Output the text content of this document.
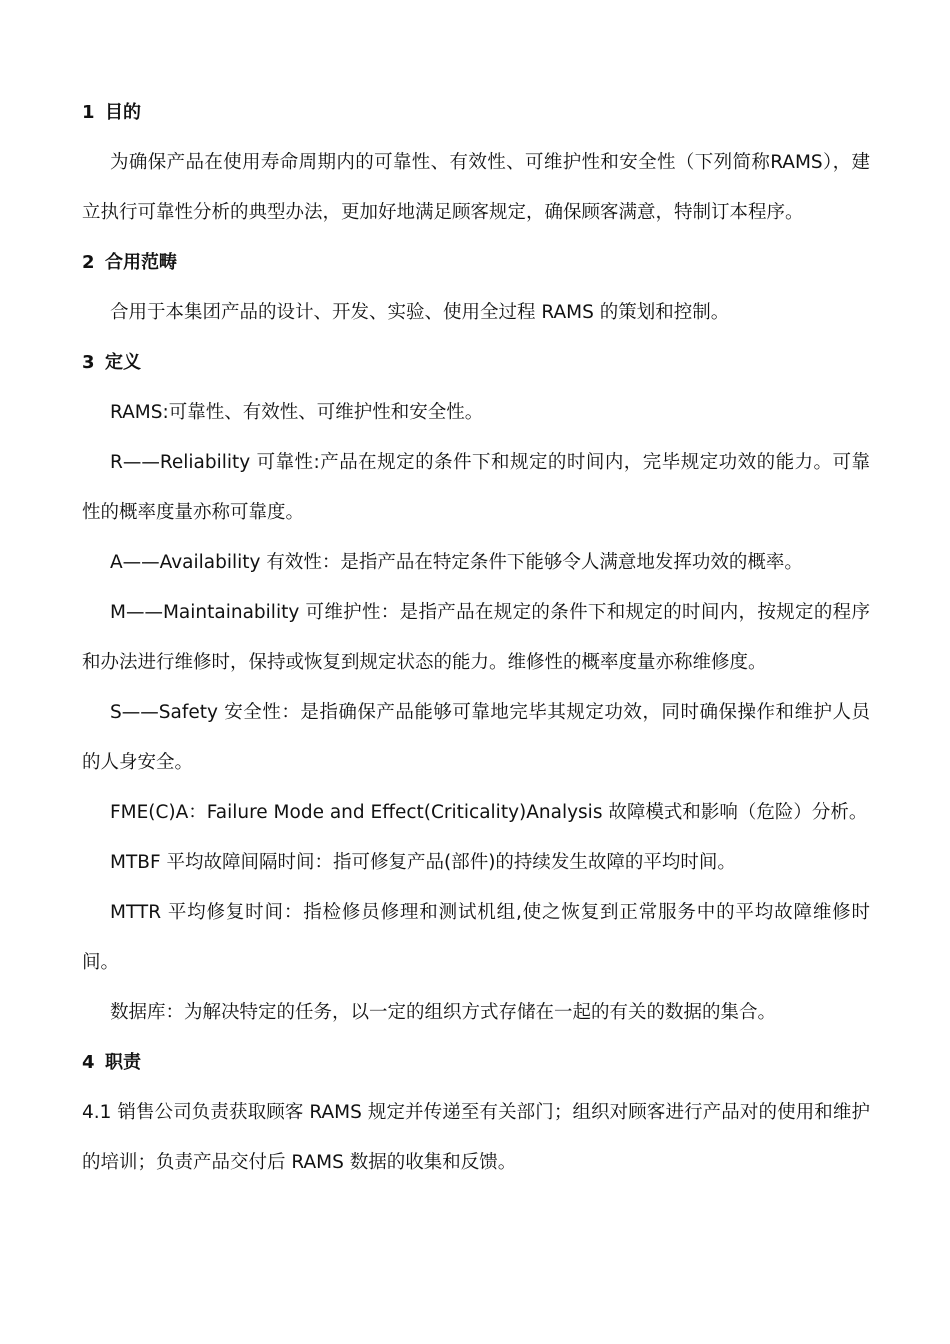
1 目的

为确保产品在使用寿命周期内的可靠性、有效性、可维护性和安全性（下列简称RAMS），建立执行可靠性分析的典型办法，更加好地满足顾客规定，确保顾客满意，特制订本程序。

2 合用范畴

合用于本集团产品的设计、开发、实验、使用全过程 RAMS 的策划和控制。

3 定义

RAMS:可靠性、有效性、可维护性和安全性。

R——Reliability 可靠性:产品在规定的条件下和规定的时间内，完毕规定功效的能力。可靠性的概率度量亦称可靠度。

A——Availability 有效性：是指产品在特定条件下能够令人满意地发挥功效的概率。

M——Maintainability 可维护性：是指产品在规定的条件下和规定的时间内，按规定的程序和办法进行维修时，保持或恢复到规定状态的能力。维修性的概率度量亦称维修度。

S——Safety 安全性：是指确保产品能够可靠地完毕其规定功效，同时确保操作和维护人员的人身安全。

FME(C)A：Failure Mode and Effect(Criticality)Analysis 故障模式和影响（危险）分析。

MTBF 平均故障间隔时间：指可修复产品(部件)的持续发生故障的平均时间。

MTTR 平均修复时间：指检修员修理和测试机组,使之恢复到正常服务中的平均故障维修时间。

数据库：为解决特定的任务，以一定的组织方式存储在一起的有关的数据的集合。

4 职责

4.1 销售公司负责获取顾客 RAMS 规定并传递至有关部门；组织对顾客进行产品对的使用和维护的培训；负责产品交付后 RAMS 数据的收集和反馈。
